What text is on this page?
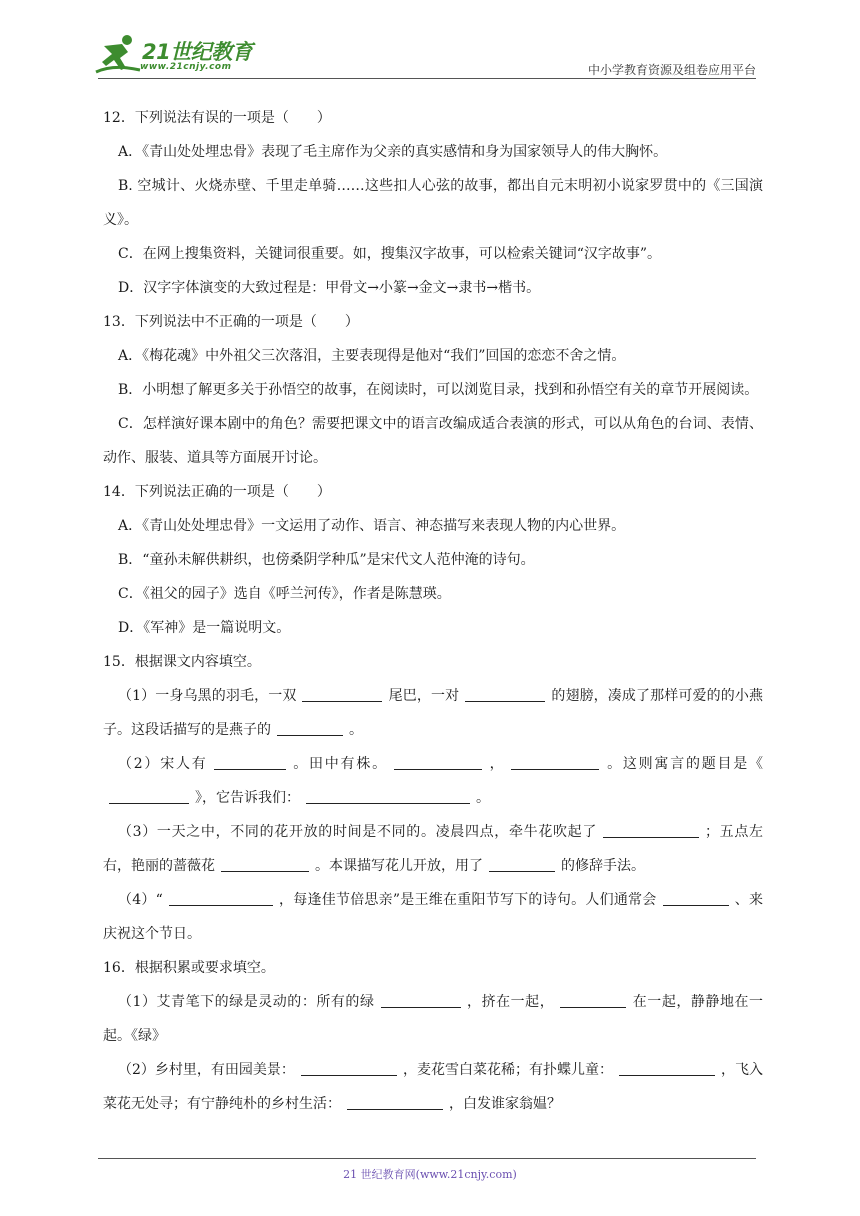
21世纪教育
www.21cnjy.com	中小学教育资源及组卷应用平台
12．下列说法有误的一项是（　　）
A．《青山处处埋忠骨》表现了毛主席作为父亲的真实感情和身为国家领导人的伟大胸怀。
B. 空城计、火烧赤壁、千里走单骑……这些扣人心弦的故事，都出自元末明初小说家罗贯中的《三国演义》。
C．在网上搜集资料，关键词很重要。如，搜集汉字故事，可以检索关键词“汉字故事”。
D．汉字字体演变的大致过程是：甲骨文→小篆→金文→隶书→楷书。
13．下列说法中不正确的一项是（　　）
A．《梅花魂》中外祖父三次落泪，主要表现得是他对“我们”回国的恋恋不舍之情。
B．小明想了解更多关于孙悟空的故事，在阅读时，可以浏览目录，找到和孙悟空有关的章节开展阅读。
C．怎样演好课本剧中的角色？需要把课文中的语言改编成适合表演的形式，可以从角色的台词、表情、动作、服装、道具等方面展开讨论。
14．下列说法正确的一项是（　　）
A．《青山处处埋忠骨》一文运用了动作、语言、神态描写来表现人物的内心世界。
B．“童孙未解供耕织，也傍桑阴学种瓜”是宋代文人范仲淹的诗句。
C．《祖父的园子》选自《呼兰河传》，作者是陈慧瑛。
D．《军神》是一篇说明文。
15．根据课文内容填空。
（1）一身乌黑的羽毛，一双	尾巴，一对	的翅膀，凑成了那样可爱的的小燕子。这段话描写的是燕子的	。
（2）宋人有	。田中有株。	，	。这则寓言的题目是《》，它告诉我们：	。
（3）一天之中，不同的花开放的时间是不同的。凌晨四点，牵牛花吹起了	；五点左右，艳丽的蔷薇花	。本课描写花儿开放，用了	的修辞手法。
（4）“	，每逢佳节倍思亲”是王维在重阳节写下的诗句。人们通常会	、来庆祝这个节日。
16．根据积累或要求填空。
（1）艾青笔下的绿是灵动的：所有的绿	，挤在一起，	在一起，静静地在一起。《绿》
（2）乡村里，有田园美景：	，麦花雪白菜花稀；有扑蝶儿童：	，飞入菜花无处寻；有宁静纯朴的乡村生活：	，白发谁家翁媪？
21 世纪教育网(www.21cnjy.com)
